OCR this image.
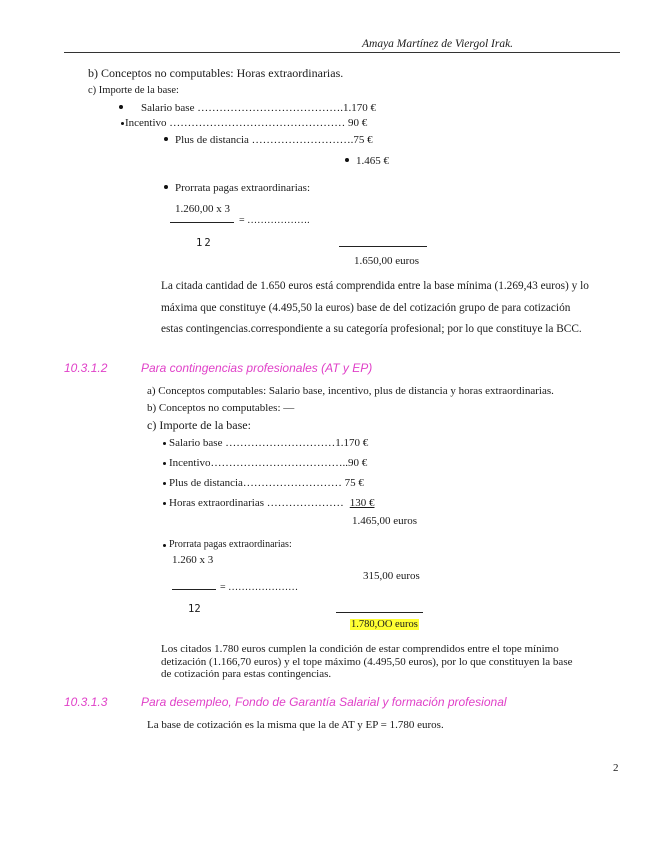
Amaya Martínez de Viergol Irak.
b) Conceptos no computables: Horas extraordinarias.
c) Importe de la base:
Salario base ………………………………….1.170 €
Incentivo ………………………………………… 90 €
Plus de distancia ……………………….75 €
1.465 €
Prorrata pagas extraordinarias:
1.260,00 x 3
= ……………….
12
1.650,00 euros
La citada cantidad de 1.650 euros está comprendida entre la base mínima (1.269,43 euros) y lo
máxima que constituye (4.495,50 la euros) base de del cotización grupo de para cotización
estas contingencias.correspondiente a su categoría profesional; por lo que constituye la BCC.
10.3.1.2	Para contingencias profesionales (AT y EP)
a) Conceptos computables: Salario base, incentivo, plus de distancia y horas extraordinarias.
b) Conceptos no computables: —
c) Importe de la base:
Salario base …………………………1.170 €
Incentivo………………………………..90 €
Plus de distancia……………………… 75 €
Horas extraordinarias ………………… 130 €
1.465,00 euros
Prorrata pagas extraordinarias:
1.260 x 3
315,00 euros
= …………………
12
1.780,OO euros
Los citados 1.780 euros cumplen la condición de estar comprendidos entre el tope mínimo
detización (1.166,70 euros) y el tope máximo (4.495,50 euros), por lo que constituyen la base
de cotización para estas contingencias.
10.3.1.3	Para desempleo, Fondo de Garantía Salarial y formación profesional
La base de cotización es la misma que la de AT y EP = 1.780 euros.
2
